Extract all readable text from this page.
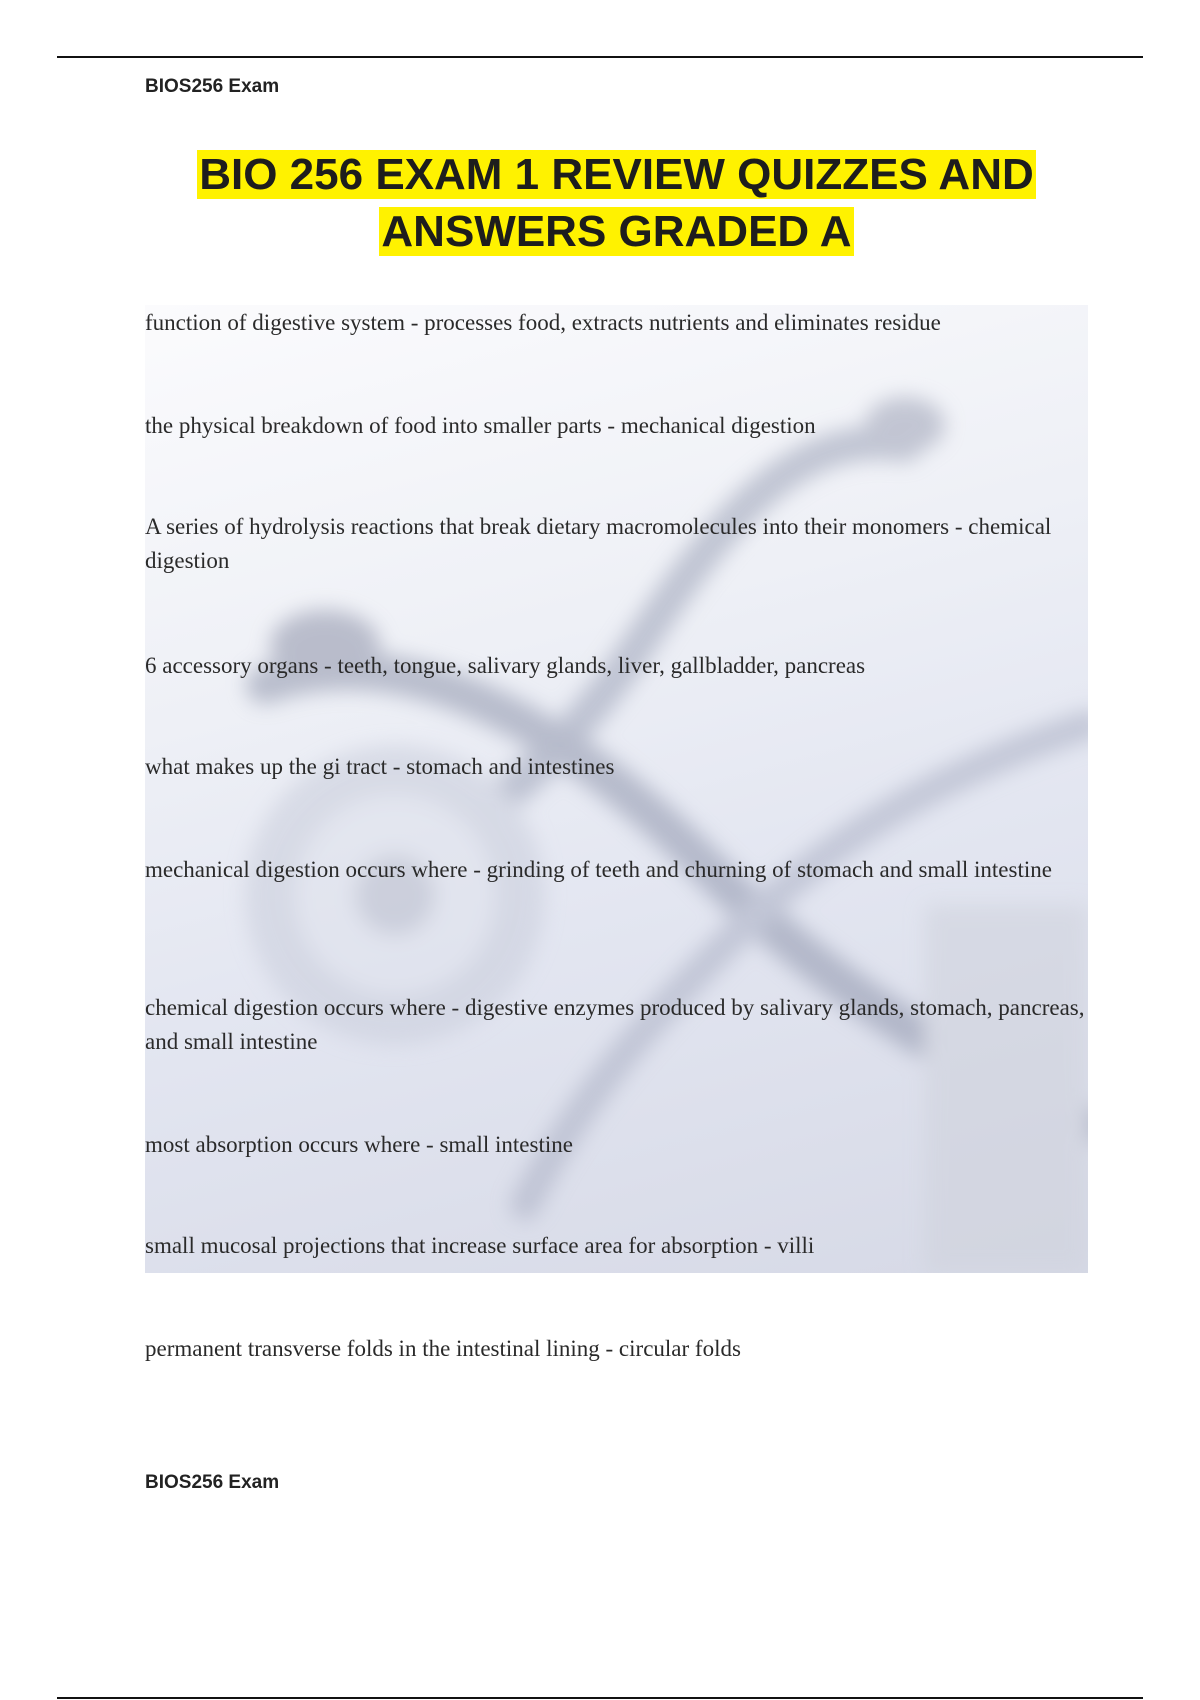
BIOS256 Exam
BIO 256 EXAM 1 REVIEW QUIZZES AND
ANSWERS GRADED A
function of digestive system - processes food, extracts nutrients and eliminates residue
the physical breakdown of food into smaller parts - mechanical digestion
A series of hydrolysis reactions that break dietary macromolecules into their monomers - chemical digestion
6 accessory organs - teeth, tongue, salivary glands, liver, gallbladder, pancreas
what makes up the gi tract - stomach and intestines
mechanical digestion occurs where - grinding of teeth and churning of stomach and small intestine
chemical digestion occurs where - digestive enzymes produced by salivary glands, stomach, pancreas, and small intestine
most absorption occurs where - small intestine
small mucosal projections that increase surface area for absorption - villi
permanent transverse folds in the intestinal lining - circular folds
BIOS256 Exam
